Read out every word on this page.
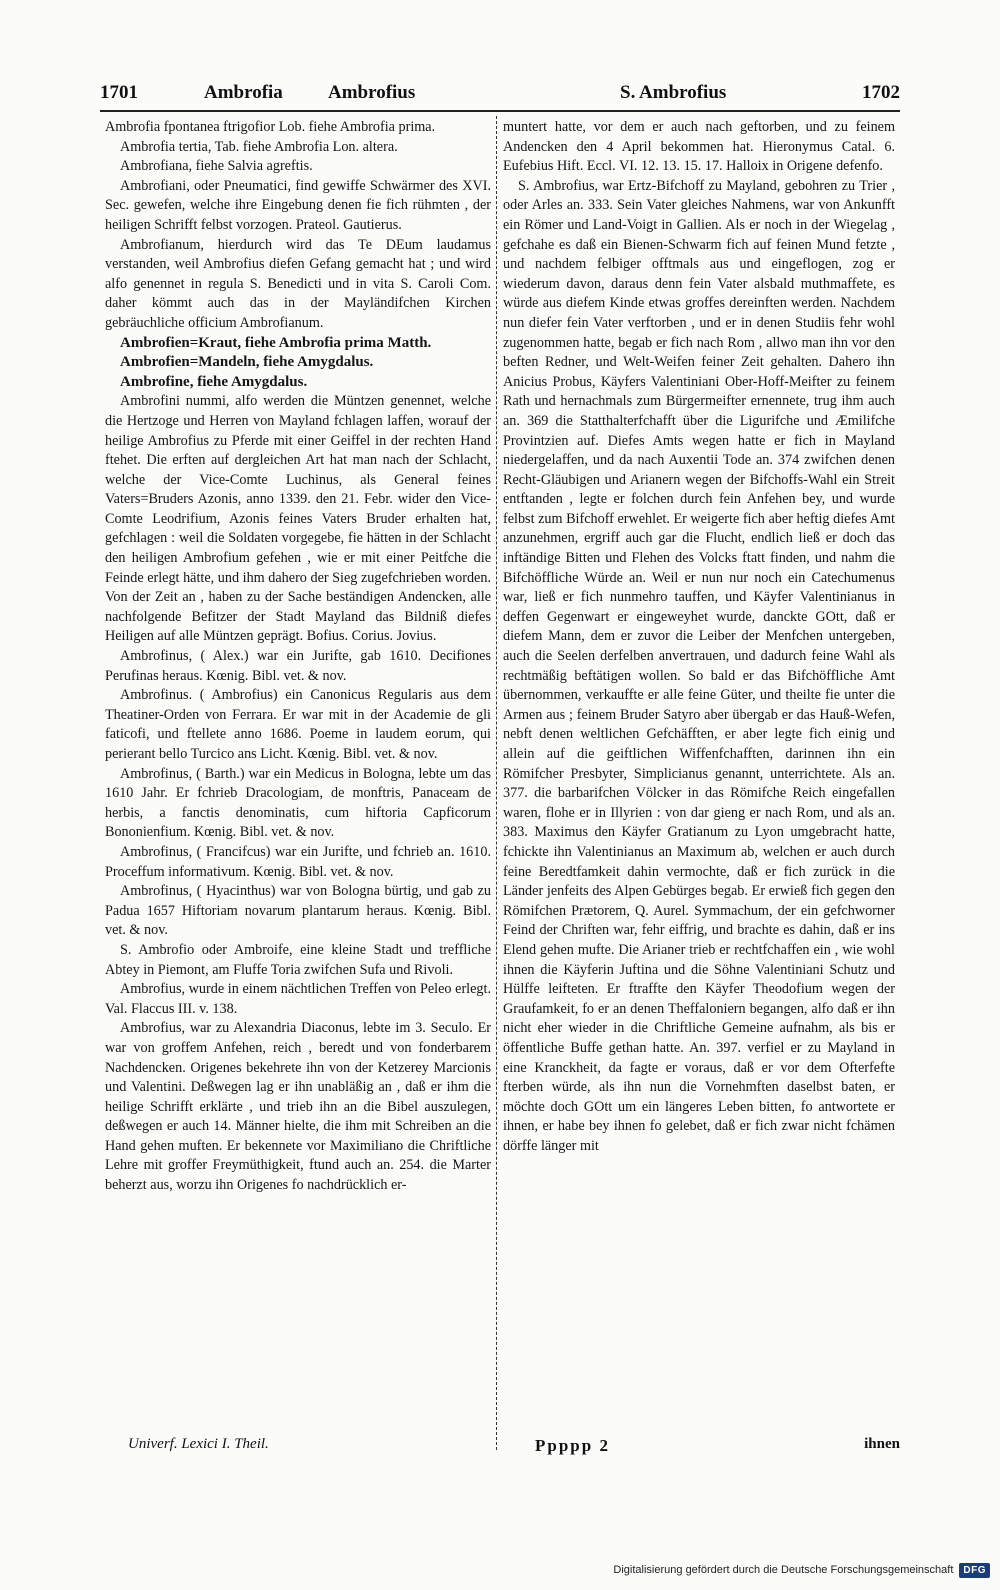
1701	Ambrofia Ambrofius	S. Ambrofius	1702

Ambrofia fpontanea ftrigofior Lob. fiehe Ambrofia prima.

Ambrofia tertia, Tab. fiehe Ambrofia Lon. altera.

Ambrofiana, fiehe Salvia agreftis.

Ambrofiani, oder Pneumatici, find gewiffe Schwärmer des XVI. Sec. gewefen, welche ihre Eingebung denen fie fich rühmten , der heiligen Schrifft felbst vorzogen. Prateol. Gautierus.

Ambrofianum, hierdurch wird das Te DEum laudamus verstanden, weil Ambrofius diefen Gefang gemacht hat ; und wird alfo genennet in regula S. Benedicti und in vita S. Caroli Com. daher kömmt auch das in der Mayländifchen Kirchen gebräuchliche officium Ambrofianum.

Ambrofien=Kraut, fiehe Ambrofia prima Matth.

Ambrofien=Mandeln, fiehe Amygdalus.

Ambrofine, fiehe Amygdalus.

Ambrofini nummi, alfo werden die Müntzen genennet, welche die Hertzoge und Herren von Mayland fchlagen laffen, worauf der heilige Ambrofius zu Pferde mit einer Geiffel in der rechten Hand ftehet. Die erften auf dergleichen Art hat man nach der Schlacht, welche der Vice-Comte Luchinus, als General feines Vaters=Bruders Azonis, anno 1339. den 21. Febr. wider den Vice-Comte Leodrifium, Azonis feines Vaters Bruder erhalten hat, gefchlagen : weil die Soldaten vorgegebe, fie hätten in der Schlacht den heiligen Ambrofium gefehen , wie er mit einer Peitfche die Feinde erlegt hätte, und ihm dahero der Sieg zugefchrieben worden. Von der Zeit an , haben zu der Sache beständigen Andencken, alle nachfolgende Befitzer der Stadt Mayland das Bildniß diefes Heiligen auf alle Müntzen geprägt. Bofius. Corius. Jovius.

Ambrofinus, ( Alex.) war ein Jurifte, gab 1610. Decifiones Perufinas heraus. Kœnig. Bibl. vet. & nov.

Ambrofinus. ( Ambrofius) ein Canonicus Regularis aus dem Theatiner-Orden von Ferrara. Er war mit in der Academie de gli faticofi, und ftellete anno 1686. Poeme in laudem eorum, qui perierant bello Turcico ans Licht. Kœnig. Bibl. vet. & nov.

Ambrofinus, ( Barth.) war ein Medicus in Bologna, lebte um das 1610 Jahr. Er fchrieb Dracologiam, de monftris, Panaceam de herbis, a fanctis denominatis, cum hiftoria Capficorum Bononienfium. Kœnig. Bibl. vet. & nov.

Ambrofinus, ( Francifcus) war ein Jurifte, und fchrieb an. 1610. Proceffum informativum. Kœnig. Bibl. vet. & nov.

Ambrofinus, ( Hyacinthus) war von Bologna bürtig, und gab zu Padua 1657 Hiftoriam novarum plantarum heraus. Kœnig. Bibl. vet. & nov.

S. Ambrofio oder Ambroife, eine kleine Stadt und treffliche Abtey in Piemont, am Fluffe Toria zwifchen Sufa und Rivoli.

Ambrofius, wurde in einem nächtlichen Treffen von Peleo erlegt. Val. Flaccus III. v. 138.

Ambrofius, war zu Alexandria Diaconus, lebte im 3. Seculo. Er war von groffem Anfehen, reich , beredt und von fonderbarem Nachdencken. Origenes bekehrete ihn von der Ketzerey Marcionis und Valentini. Deßwegen lag er ihn unabläßig an , daß er ihm die heilige Schrifft erklärte , und trieb ihn an die Bibel auszulegen, deßwegen er auch 14. Männer hielte, die ihm mit Schreiben an die Hand gehen muften. Er bekennete vor Maximiliano die Chriftliche Lehre mit groffer Freymüthigkeit, ftund auch an. 254. die Marter beherzt aus, worzu ihn Origenes fo nachdrücklich er-

muntert hatte, vor dem er auch nach geftorben, und zu feinem Andencken den 4 April bekommen hat. Hieronymus Catal. 6. Eufebius Hift. Eccl. VI. 12. 13. 15. 17. Halloix in Origene defenfo.

S. Ambrofius, war Ertz-Bifchoff zu Mayland, gebohren zu Trier , oder Arles an. 333. Sein Vater gleiches Nahmens, war von Ankunfft ein Römer und Land-Voigt in Gallien. Als er noch in der Wiegelag , gefchahe es daß ein Bienen-Schwarm fich auf feinen Mund fetzte , und nachdem felbiger offtmals aus und eingeflogen, zog er wiederum davon, daraus denn fein Vater alsbald muthmaffete, es würde aus diefem Kinde etwas groffes dereinften werden. Nachdem nun diefer fein Vater verftorben , und er in denen Studiis fehr wohl zugenommen hatte, begab er fich nach Rom , allwo man ihn vor den beften Redner, und Welt-Weifen feiner Zeit gehalten. Dahero ihn Anicius Probus, Käyfers Valentiniani Ober-Hoff-Meifter zu feinem Rath und hernachmals zum Bürgermeifter ernennete, trug ihm auch an. 369 die Statthalterfchafft über die Ligurifche und Æmilifche Provintzien auf. Diefes Amts wegen hatte er fich in Mayland niedergelaffen, und da nach Auxentii Tode an. 374 zwifchen denen Recht-Gläubigen und Arianern wegen der Bifchoffs-Wahl ein Streit entftanden , legte er folchen durch fein Anfehen bey, und wurde felbst zum Bifchoff erwehlet. Er weigerte fich aber heftig diefes Amt anzunehmen, ergriff auch gar die Flucht, endlich ließ er doch das inftändige Bitten und Flehen des Volcks ftatt finden, und nahm die Bifchöffliche Würde an. Weil er nun nur noch ein Catechumenus war, ließ er fich nunmehro tauffen, und Käyfer Valentinianus in deffen Gegenwart er eingeweyhet wurde, danckte GOtt, daß er diefem Mann, dem er zuvor die Leiber der Menfchen untergeben, auch die Seelen derfelben anvertrauen, und dadurch feine Wahl als rechtmäßig beftätigen wollen. So bald er das Bifchöffliche Amt übernommen, verkauffte er alle feine Güter, und theilte fie unter die Armen aus ; feinem Bruder Satyro aber übergab er das Hauß-Wefen, nebft denen weltlichen Gefchäfften, er aber legte fich einig und allein auf die geiftlichen Wiffenfchafften, darinnen ihn ein Römifcher Presbyter, Simplicianus genannt, unterrichtete. Als an. 377. die barbarifchen Völcker in das Römifche Reich eingefallen waren, flohe er in Illyrien : von dar gieng er nach Rom, und als an. 383. Maximus den Käyfer Gratianum zu Lyon umgebracht hatte, fchickte ihn Valentinianus an Maximum ab, welchen er auch durch feine Beredtfamkeit dahin vermochte, daß er fich zurück in die Länder jenfeits des Alpen Gebürges begab. Er erwieß fich gegen den Römifchen Prætorem, Q. Aurel. Symmachum, der ein gefchworner Feind der Chriften war, fehr eiffrig, und brachte es dahin, daß er ins Elend gehen mufte. Die Arianer trieb er rechtfchaffen ein , wie wohl ihnen die Käyferin Juftina und die Söhne Valentiniani Schutz und Hülffe leifteten. Er ftraffte den Käyfer Theodofium wegen der Graufamkeit, fo er an denen Theffaloniern begangen, alfo daß er ihn nicht eher wieder in die Chriftliche Gemeine aufnahm, als bis er öffentliche Buffe gethan hatte. An. 397. verfiel er zu Mayland in eine Kranckheit, da fagte er voraus, daß er vor dem Ofterfefte fterben würde, als ihn nun die Vornehmften daselbst baten, er möchte doch GOtt um ein längeres Leben bitten, fo antwortete er ihnen, er habe bey ihnen fo gelebet, daß er fich zwar nicht fchämen dörffe länger mit

Univerf. Lexici I. Theil.	Ppppp 2	ihnen
Digitalisierung gefördert durch die Deutsche Forschungsgemeinschaft	DFG
